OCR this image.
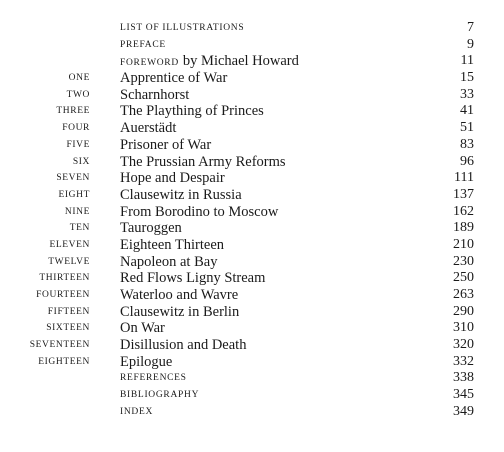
LIST OF ILLUSTRATIONS	7
PREFACE	9
FOREWORD by Michael Howard	11
ONE Apprentice of War	15
TWO Scharnhorst	33
THREE The Plaything of Princes	41
FOUR Auerstädt	51
FIVE Prisoner of War	83
SIX The Prussian Army Reforms	96
SEVEN Hope and Despair	111
EIGHT Clausewitz in Russia	137
NINE From Borodino to Moscow	162
TEN Tauroggen	189
ELEVEN Eighteen Thirteen	210
TWELVE Napoleon at Bay	230
THIRTEEN Red Flows Ligny Stream	250
FOURTEEN Waterloo and Wavre	263
FIFTEEN Clausewitz in Berlin	290
SIXTEEN On War	310
SEVENTEEN Disillusion and Death	320
EIGHTEEN Epilogue	332
REFERENCES	338
BIBLIOGRAPHY	345
INDEX	349
